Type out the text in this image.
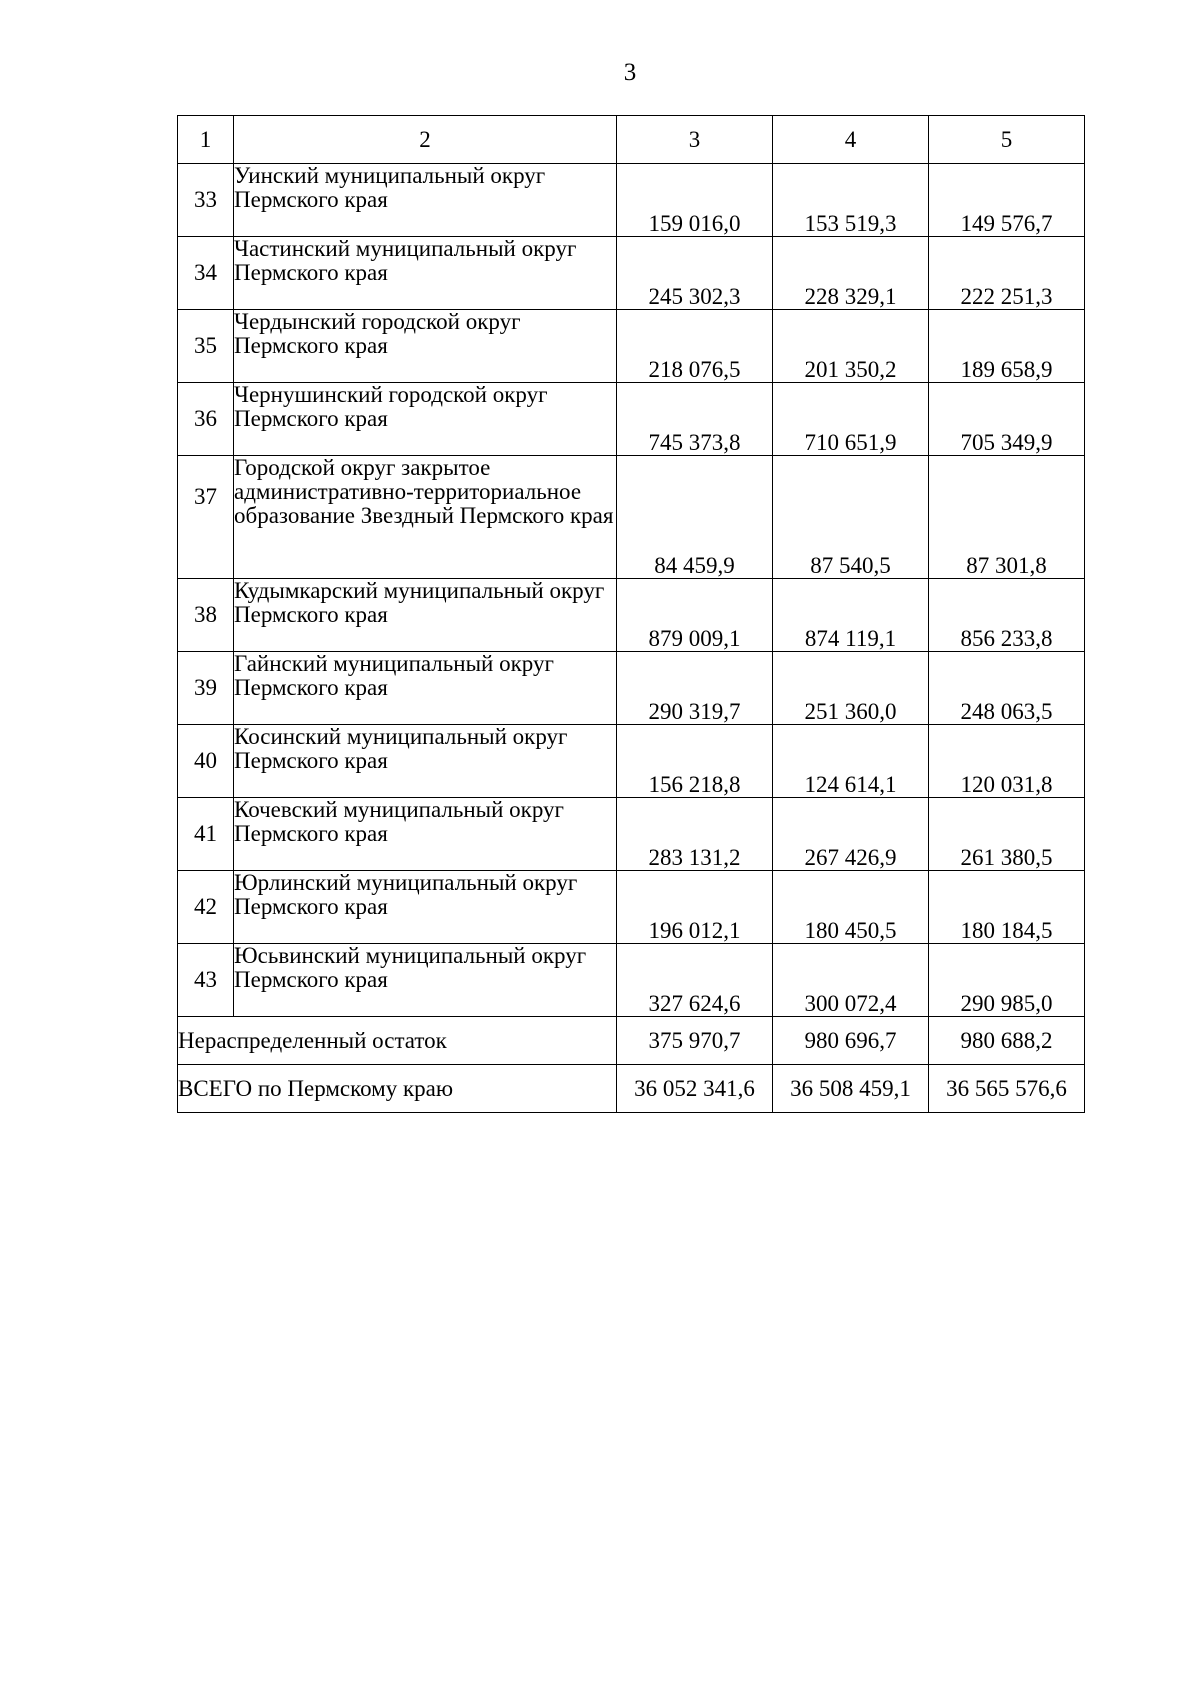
3
1	2	3	4	5
33	Уинский муниципальный округ Пермского края	159 016,0	153 519,3	149 576,7
34	Частинский муниципальный округ Пермского края	245 302,3	228 329,1	222 251,3
35	Чердынский городской округ Пермского края	218 076,5	201 350,2	189 658,9
36	Чернушинский городской округ Пермского края	745 373,8	710 651,9	705 349,9
37	Городской округ закрытое административно-территориальное образование Звездный Пермского края	84 459,9	87 540,5	87 301,8
38	Кудымкарский муниципальный округ Пермского края	879 009,1	874 119,1	856 233,8
39	Гайнский муниципальный округ Пермского края	290 319,7	251 360,0	248 063,5
40	Косинский муниципальный округ Пермского края	156 218,8	124 614,1	120 031,8
41	Кочевский муниципальный округ Пермского края	283 131,2	267 426,9	261 380,5
42	Юрлинский муниципальный округ Пермского края	196 012,1	180 450,5	180 184,5
43	Юсьвинский муниципальный округ Пермского края	327 624,6	300 072,4	290 985,0
Нераспределенный остаток		375 970,7	980 696,7	980 688,2
ВСЕГО по Пермскому краю		36 052 341,6	36 508 459,1	36 565 576,6
